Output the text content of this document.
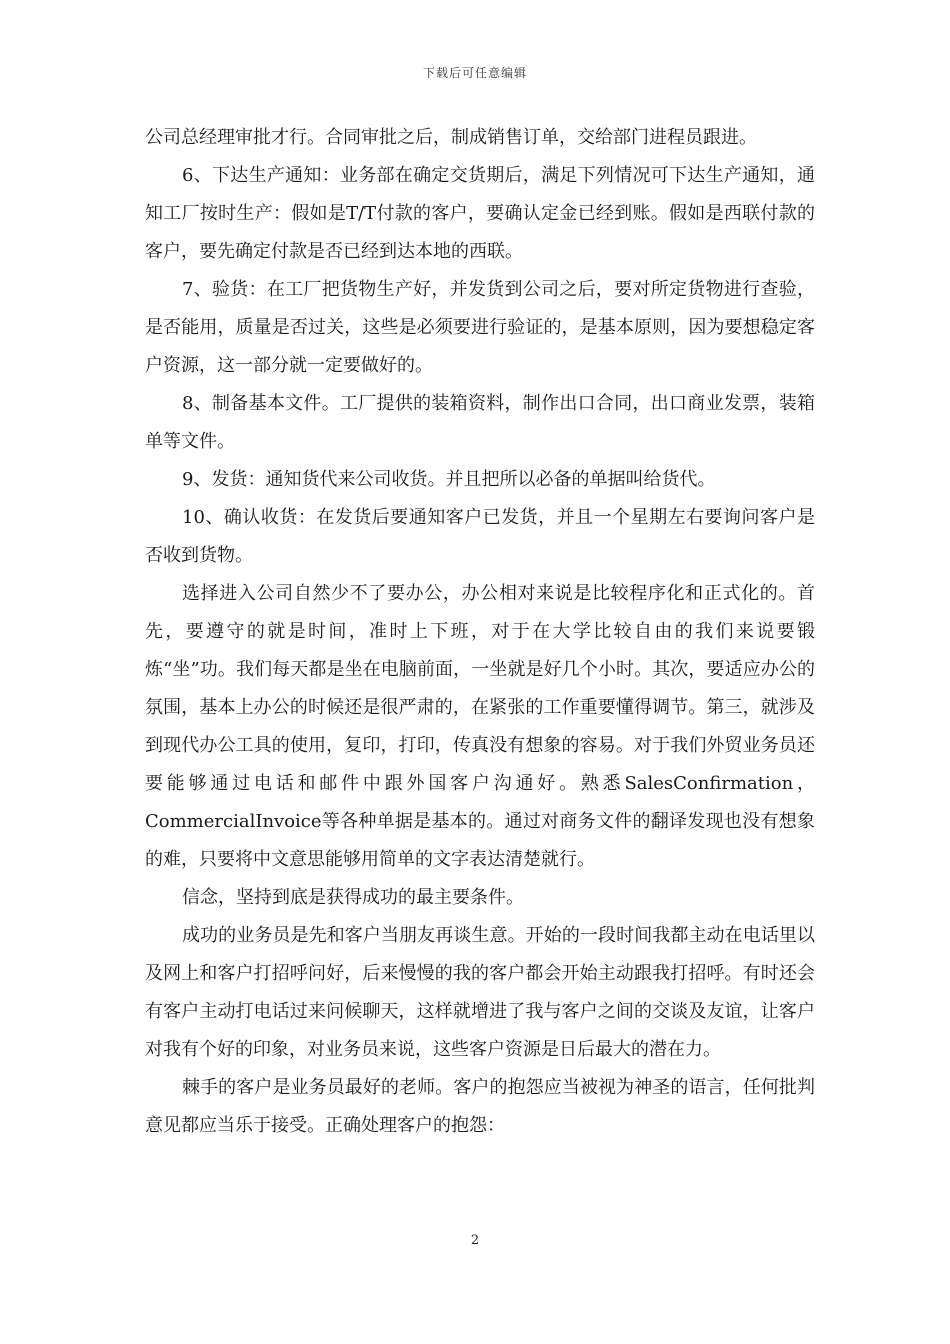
下载后可任意编辑

公司总经理审批才行。合同审批之后，制成销售订单，交给部门进程员跟进。

6、下达生产通知：业务部在确定交货期后，满足下列情况可下达生产通知，通知工厂按时生产：假如是T/T付款的客户，要确认定金已经到账。假如是西联付款的客户，要先确定付款是否已经到达本地的西联。

7、验货：在工厂把货物生产好，并发货到公司之后，要对所定货物进行查验，是否能用，质量是否过关，这些是必须要进行验证的，是基本原则，因为要想稳定客户资源，这一部分就一定要做好的。

8、制备基本文件。工厂提供的装箱资料，制作出口合同，出口商业发票，装箱单等文件。

9、发货：通知货代来公司收货。并且把所以必备的单据叫给货代。

10、确认收货：在发货后要通知客户已发货，并且一个星期左右要询问客户是否收到货物。

选择进入公司自然少不了要办公，办公相对来说是比较程序化和正式化的。首先，要遵守的就是时间，准时上下班，对于在大学比较自由的我们来说要锻炼“坐”功。我们每天都是坐在电脑前面，一坐就是好几个小时。其次，要适应办公的氛围，基本上办公的时候还是很严肃的，在紧张的工作重要懂得调节。第三，就涉及到现代办公工具的使用，复印，打印，传真没有想象的容易。对于我们外贸业务员还要能够通过电话和邮件中跟外国客户沟通好。熟悉SalesConfirmation，CommercialInvoice等各种单据是基本的。通过对商务文件的翻译发现也没有想象的难，只要将中文意思能够用简单的文字表达清楚就行。

信念，坚持到底是获得成功的最主要条件。

成功的业务员是先和客户当朋友再谈生意。开始的一段时间我都主动在电话里以及网上和客户打招呼问好，后来慢慢的我的客户都会开始主动跟我打招呼。有时还会有客户主动打电话过来问候聊天，这样就增进了我与客户之间的交谈及友谊，让客户对我有个好的印象，对业务员来说，这些客户资源是日后最大的潜在力。

棘手的客户是业务员最好的老师。客户的抱怨应当被视为神圣的语言，任何批判意见都应当乐于接受。正确处理客户的抱怨：

2
